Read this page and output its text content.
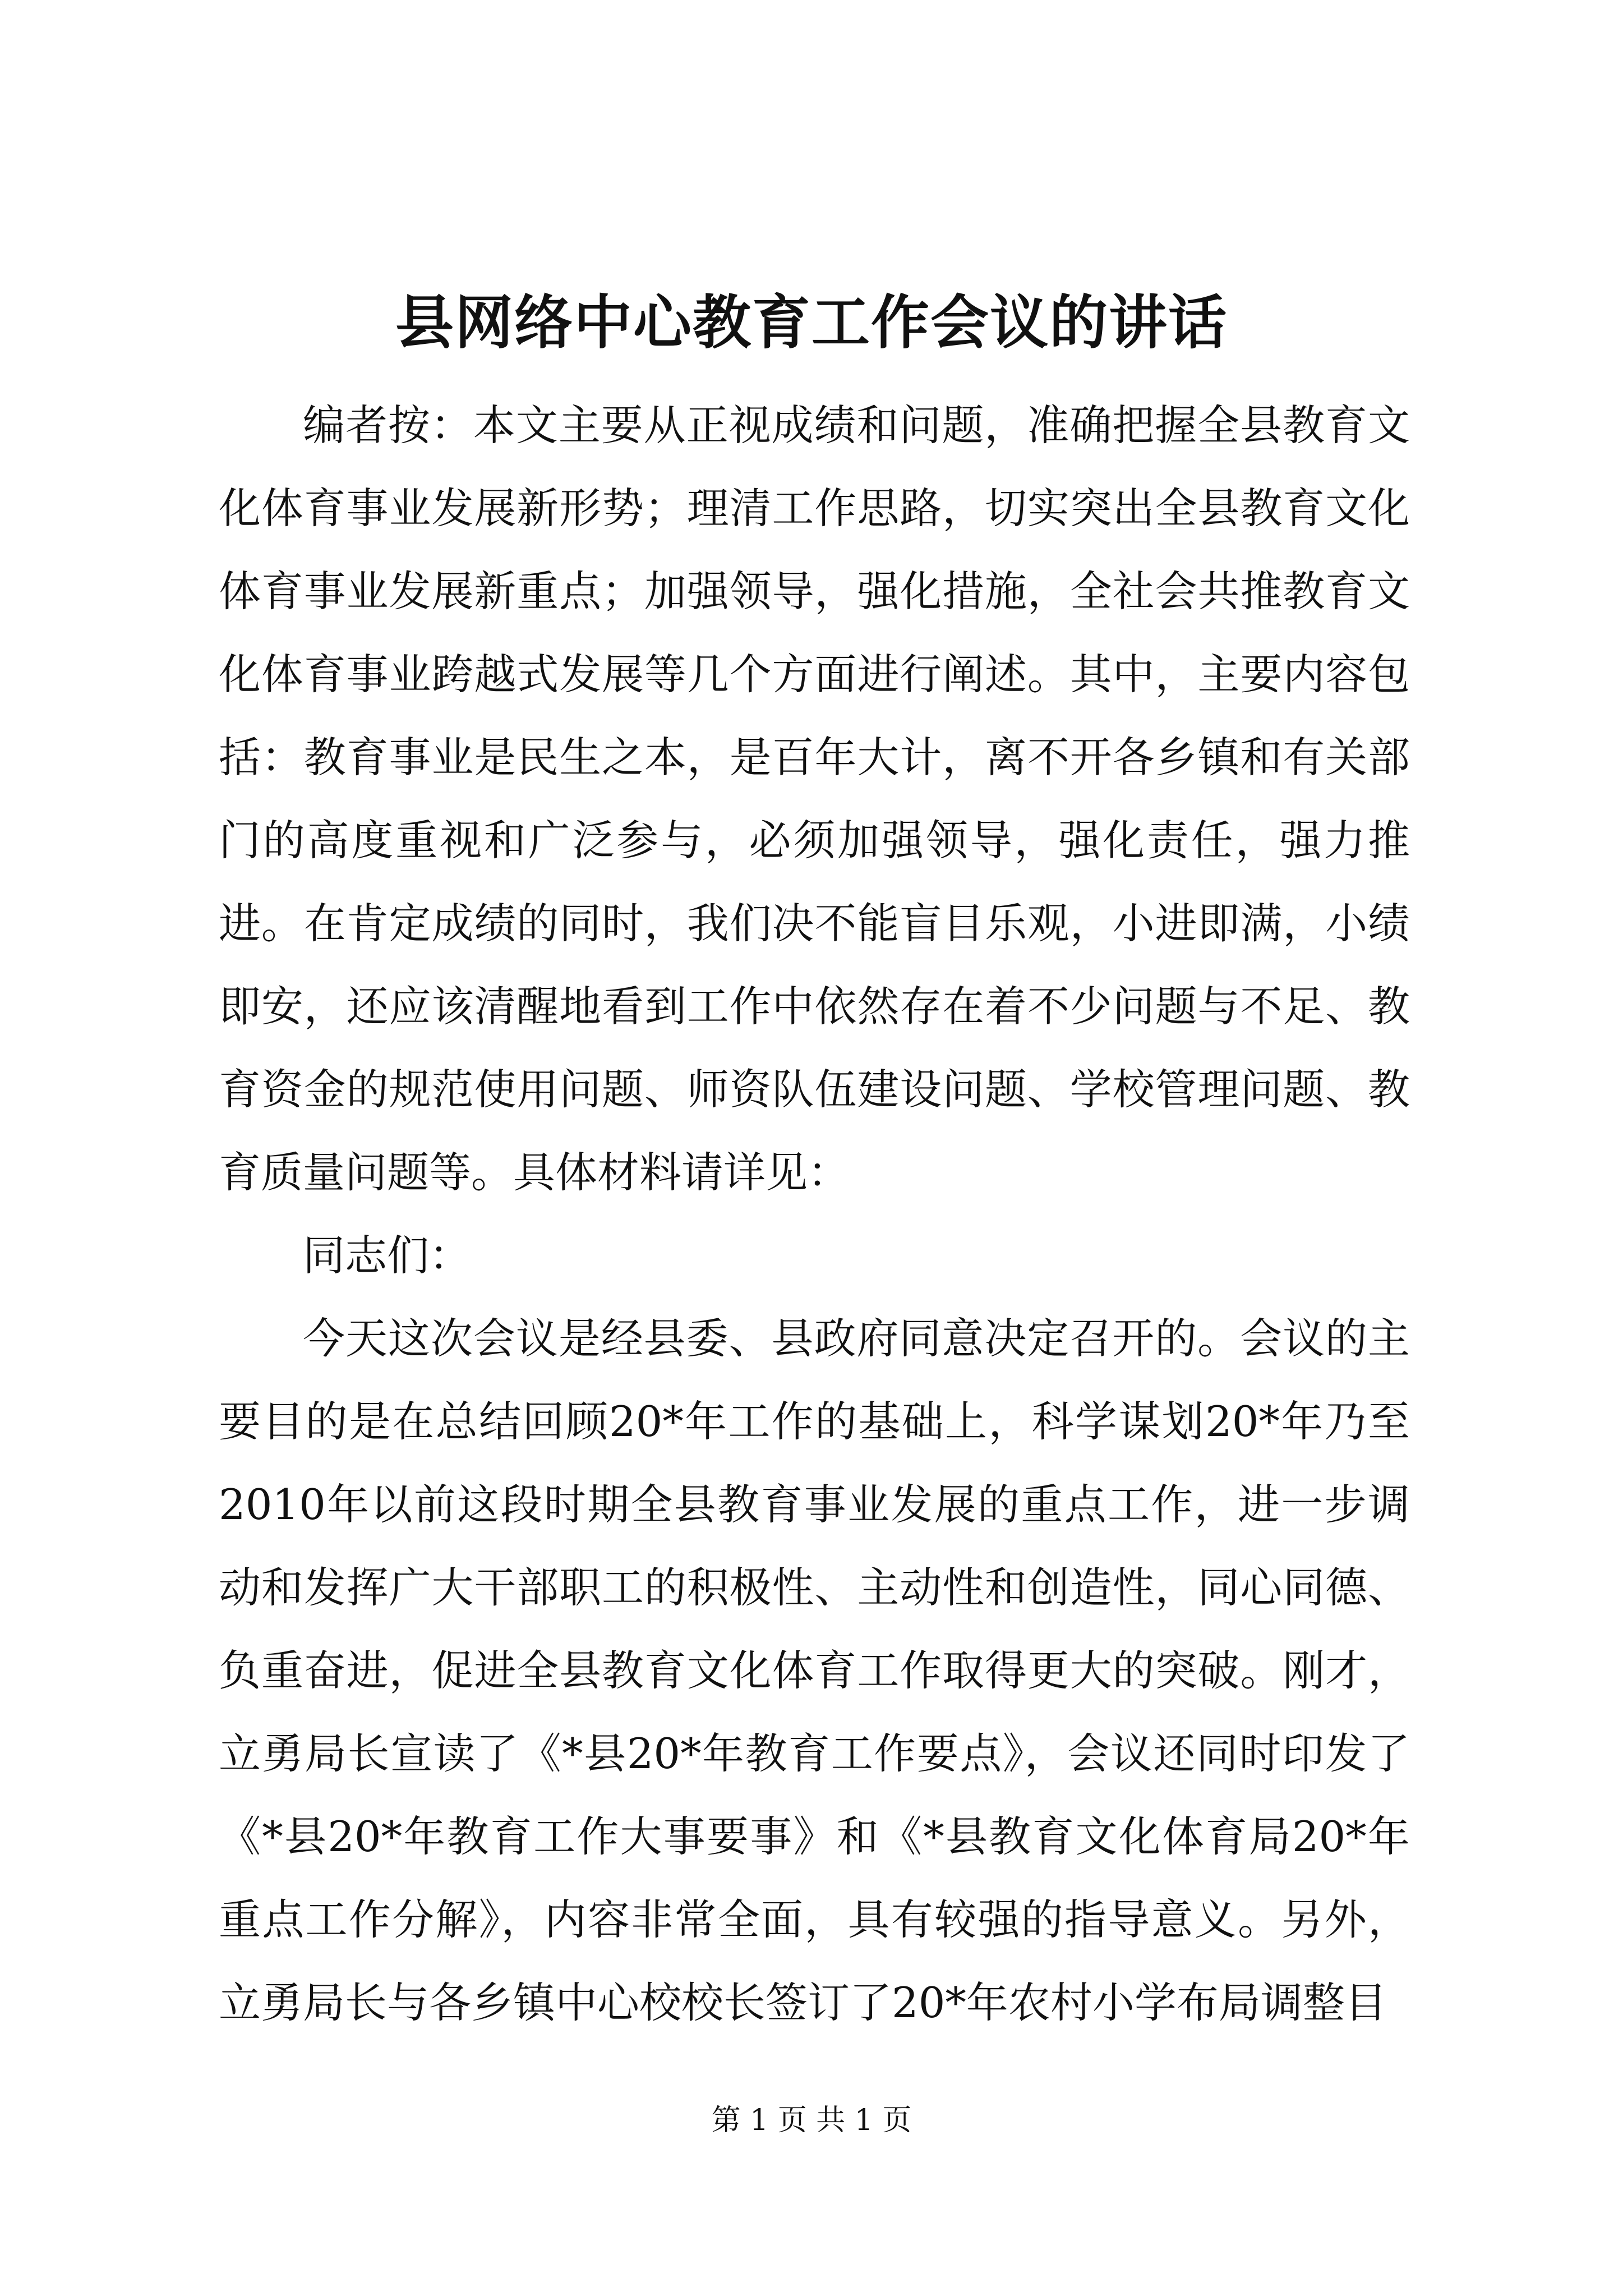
县网络中心教育工作会议的讲话

编者按：本文主要从正视成绩和问题，准确把握全县教育文化体育事业发展新形势；理清工作思路，切实突出全县教育文化体育事业发展新重点；加强领导，强化措施，全社会共推教育文化体育事业跨越式发展等几个方面进行阐述。其中，主要内容包括：教育事业是民生之本，是百年大计，离不开各乡镇和有关部门的高度重视和广泛参与，必须加强领导，强化责任，强力推进。在肯定成绩的同时，我们决不能盲目乐观，小进即满，小绩即安，还应该清醒地看到工作中依然存在着不少问题与不足、教育资金的规范使用问题、师资队伍建设问题、学校管理问题、教育质量问题等。具体材料请详见：

同志们：

今天这次会议是经县委、县政府同意决定召开的。会议的主要目的是在总结回顾20*年工作的基础上，科学谋划20*年乃至2010年以前这段时期全县教育事业发展的重点工作，进一步调动和发挥广大干部职工的积极性、主动性和创造性，同心同德、负重奋进，促进全县教育文化体育工作取得更大的突破。刚才，立勇局长宣读了《*县20*年教育工作要点》，会议还同时印发了《*县20*年教育工作大事要事》和《*县教育文化体育局20*年重点工作分解》，内容非常全面，具有较强的指导意义。另外，立勇局长与各乡镇中心校校长签订了20*年农村小学布局调整目

第 1 页 共 1 页
